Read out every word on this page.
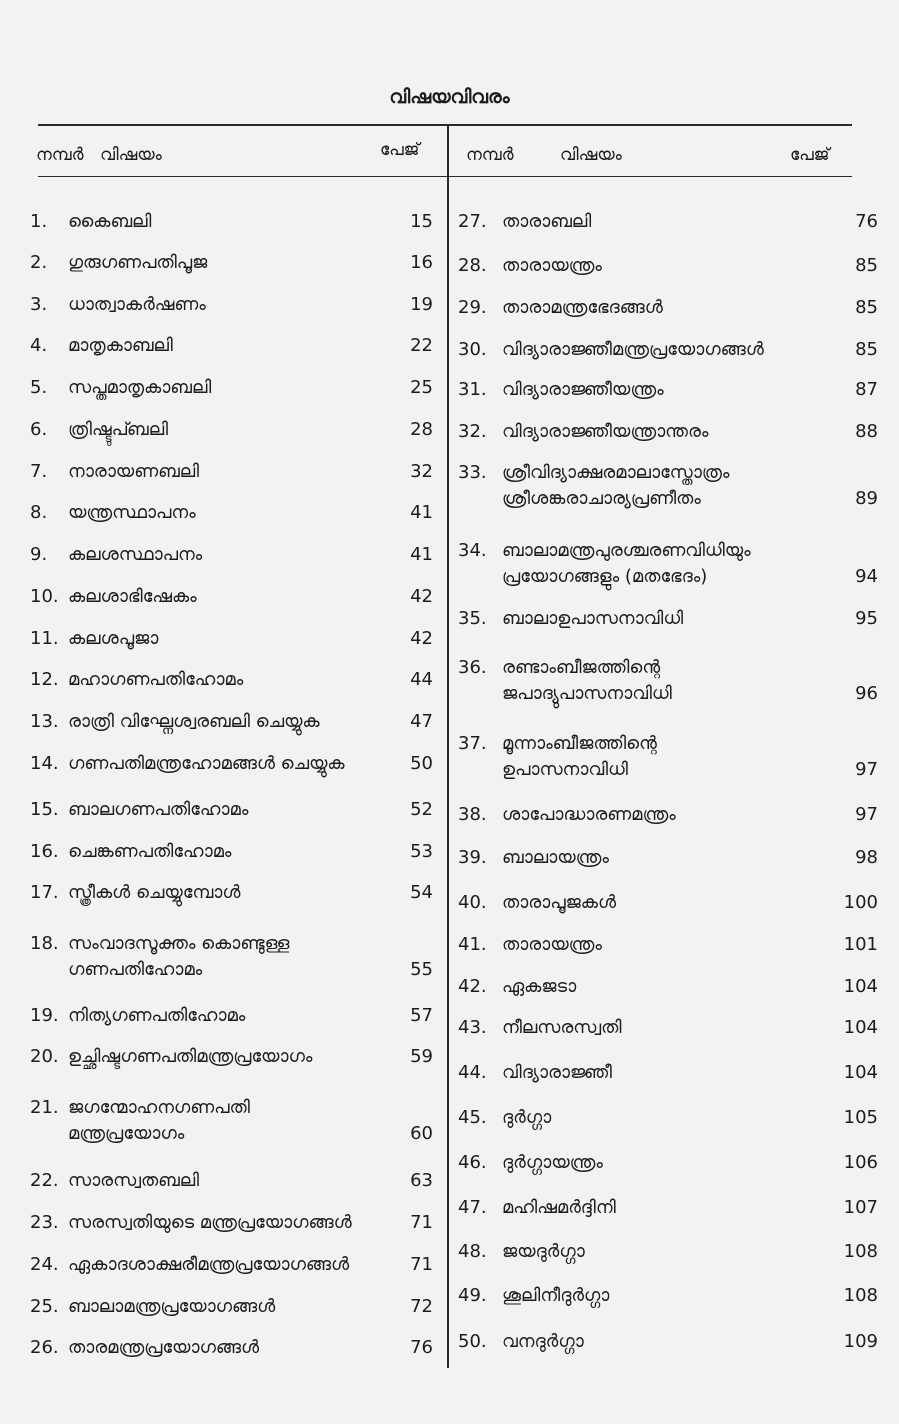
വിഷയവിവരം
നമ്പർ വിഷയം	പേജ്	നമ്പർ	വിഷയം	പേജ്
1. കൈബലി	15
2. ഗുരുഗണപതിപൂജ	16
3. ധാത്വാകർഷണം	19
4. മാതൃകാബലി	22
5. സപ്തമാതൃകാബലി	25
6. ത്രിഷ്ടുപ്ബലി	28
7. നാരായണബലി	32
8. യന്ത്രസ്ഥാപനം	41
9. കലശസ്ഥാപനം	41
10. കലശാഭിഷേകം	42
11. കലശപൂജാ	42
12. മഹാഗണപതിഹോമം	44
13. രാത്രി വിഘ്നേശ്വരബലി ചെയ്യുക	47
14. ഗണപതിമന്ത്രഹോമങ്ങൾ ചെയ്യുക	50
15. ബാലഗണപതിഹോമം	52
16. ചെങ്കണപതിഹോമം	53
17. സ്ത്രീകൾ ചെയ്യുമ്പോൾ	54
18. സംവാദസൂക്തം കൊണ്ടുള്ള
ഗണപതിഹോമം	55
19. നിത്യഗണപതിഹോമം	57
20. ഉച്ഛിഷ്ടഗണപതിമന്ത്രപ്രയോഗം	59
21. ജഗന്മോഹനഗണപതി
മന്ത്രപ്രയോഗം	60
22. സാരസ്വതബലി	63
23. സരസ്വതിയുടെ മന്ത്രപ്രയോഗങ്ങൾ	71
24. ഏകാദശാക്ഷരീമന്ത്രപ്രയോഗങ്ങൾ	71
25. ബാലാമന്ത്രപ്രയോഗങ്ങൾ	72
26. താരമന്ത്രപ്രയോഗങ്ങൾ	76
27. താരാബലി	76
28. താരായന്ത്രം	85
29. താരാമന്ത്രഭേദങ്ങൾ	85
30. വിദ്യാരാജ്ഞീമന്ത്രപ്രയോഗങ്ങൾ	85
31. വിദ്യാരാജ്ഞീയന്ത്രം	87
32. വിദ്യാരാജ്ഞീയന്ത്രാന്തരം	88
33. ശ്രീവിദ്യാക്ഷരമാലാസ്തോത്രം
ശ്രീശങ്കരാചാര്യപ്രണീതം	89
34. ബാലാമന്ത്രപുരശ്ചരണവിധിയും
പ്രയോഗങ്ങളും (മതഭേദം)	94
35. ബാലാഉപാസനാവിധി	95
36. രണ്ടാംബീജത്തിന്റെ
ജപാദ്യുപാസനാവിധി	96
37. മൂന്നാംബീജത്തിന്റെ
ഉപാസനാവിധി	97
38. ശാപോദ്ധാരണമന്ത്രം	97
39. ബാലായന്ത്രം	98
40. താരാപൂജകൾ	100
41. താരായന്ത്രം	101
42. ഏകജടാ	104
43. നീലസരസ്വതി	104
44. വിദ്യാരാജ്ഞീ	104
45. ദുർഗ്ഗാ	105
46. ദുർഗ്ഗായന്ത്രം	106
47. മഹിഷമർദ്ദിനി	107
48. ജയദുർഗ്ഗാ	108
49. ശൂലിനീദുർഗ്ഗാ	108
50. വനദുർഗ്ഗാ	109
